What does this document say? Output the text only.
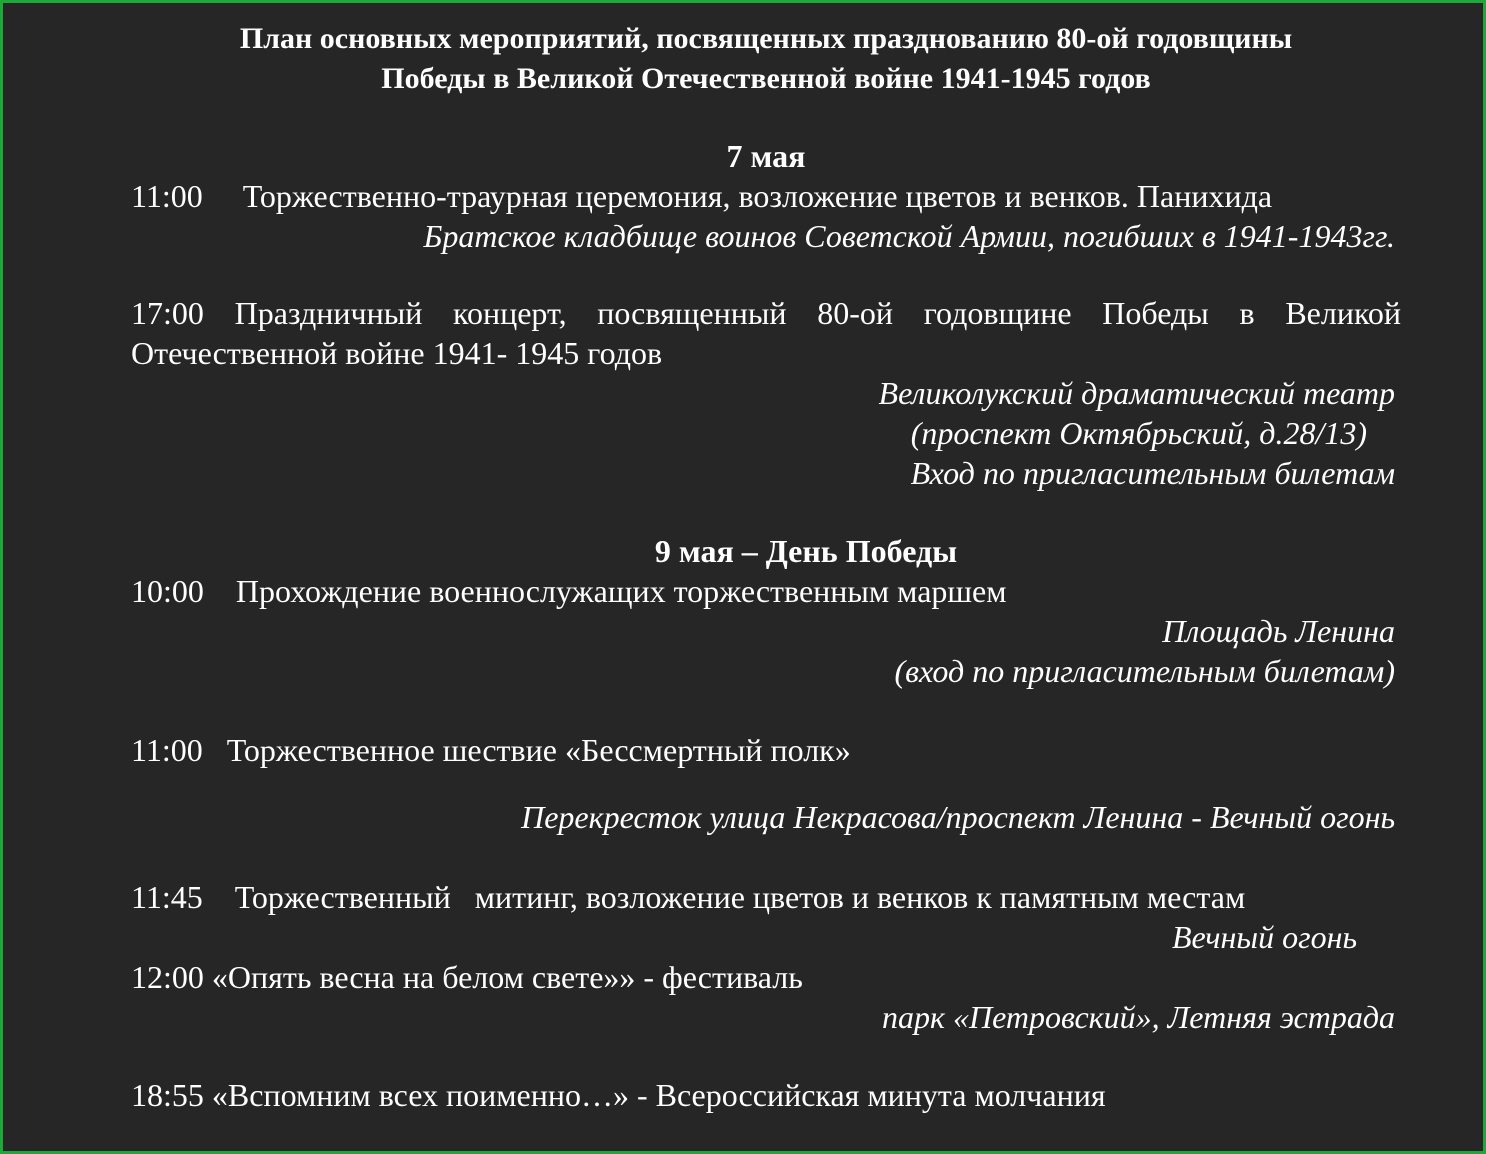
План основных мероприятий, посвященных празднованию 80-ой годовщины
Победы в Великой Отечественной войне 1941-1945 годов
7 мая
11:00     Торжественно-траурная церемония, возложение цветов и венков. Панихида
Братское кладбище воинов Советской Армии, погибших в 1941-1943гг.
17:00 Праздничный концерт, посвященный 80-ой годовщине Победы в Великой
Отечественной войне 1941- 1945 годов
Великолукский драматический театр
(проспект Октябрьский, д.28/13)
Вход по пригласительным билетам
9 мая – День Победы
10:00    Прохождение военнослужащих торжественным маршем
Площадь Ленина
(вход по пригласительным билетам)
11:00   Торжественное шествие «Бессмертный полк»
Перекресток улица Некрасова/проспект Ленина - Вечный огонь
11:45    Торжественный   митинг, возложение цветов и венков к памятным местам
Вечный огонь
12:00 «Опять весна на белом свете»» - фестиваль
парк «Петровский», Летняя эстрада
18:55 «Вспомним всех поименно…» - Всероссийская минута молчания
